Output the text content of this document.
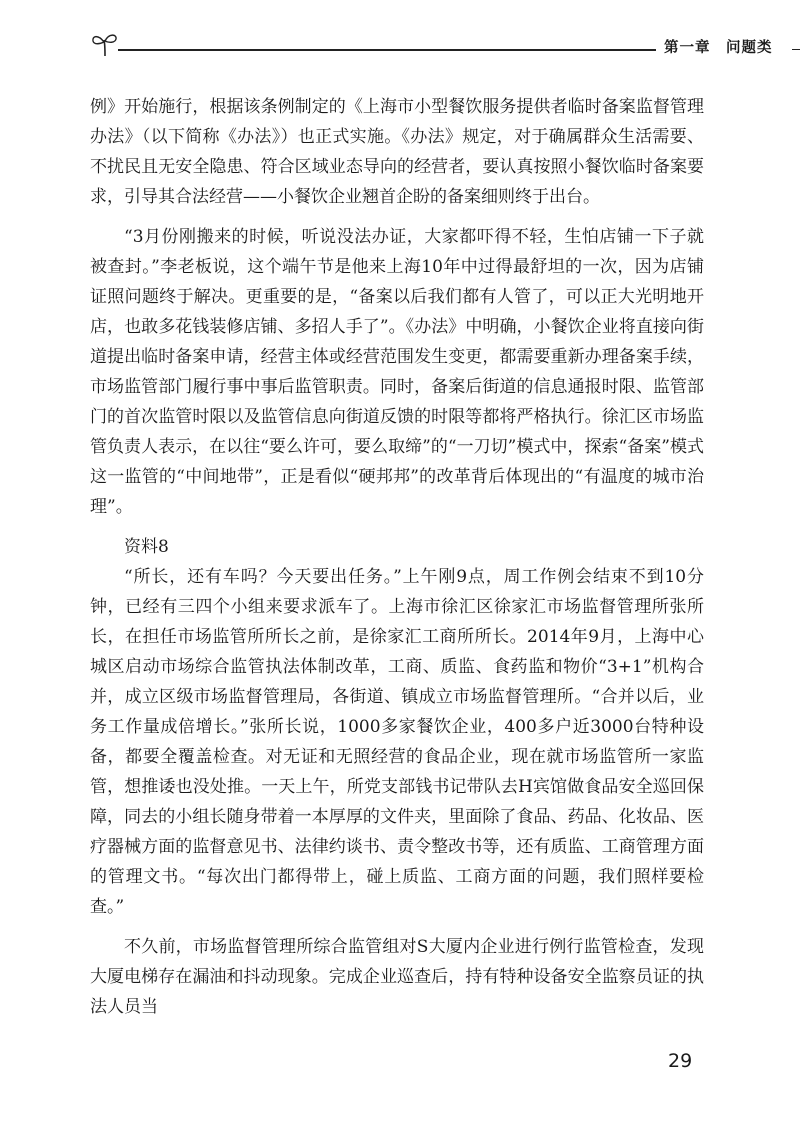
第一章　问题类

例》开始施行，根据该条例制定的《上海市小型餐饮服务提供者临时备案监督管理办法》（以下简称《办法》）也正式实施。《办法》规定，对于确属群众生活需要、不扰民且无安全隐患、符合区域业态导向的经营者，要认真按照小餐饮临时备案要求，引导其合法经营——小餐饮企业翘首企盼的备案细则终于出台。

“3月份刚搬来的时候，听说没法办证，大家都吓得不轻，生怕店铺一下子就被查封。”李老板说，这个端午节是他来上海10年中过得最舒坦的一次，因为店铺证照问题终于解决。更重要的是，“备案以后我们都有人管了，可以正大光明地开店，也敢多花钱装修店铺、多招人手了”。《办法》中明确，小餐饮企业将直接向街道提出临时备案申请，经营主体或经营范围发生变更，都需要重新办理备案手续，市场监管部门履行事中事后监管职责。同时，备案后街道的信息通报时限、监管部门的首次监管时限以及监管信息向街道反馈的时限等都将严格执行。徐汇区市场监管负责人表示，在以往“要么许可，要么取缔”的“一刀切”模式中，探索“备案”模式这一监管的“中间地带”，正是看似“硬邦邦”的改革背后体现出的“有温度的城市治理”。

资料8

“所长，还有车吗？今天要出任务。”上午刚9点，周工作例会结束不到10分钟，已经有三四个小组来要求派车了。上海市徐汇区徐家汇市场监督管理所张所长，在担任市场监管所所长之前，是徐家汇工商所所长。2014年9月，上海中心城区启动市场综合监管执法体制改革，工商、质监、食药监和物价“3+1”机构合并，成立区级市场监督管理局，各街道、镇成立市场监督管理所。“合并以后，业务工作量成倍增长。”张所长说，1000多家餐饮企业，400多户近3000台特种设备，都要全覆盖检查。对无证和无照经营的食品企业，现在就市场监管所一家监管，想推诿也没处推。一天上午，所党支部钱书记带队去H宾馆做食品安全巡回保障，同去的小组长随身带着一本厚厚的文件夹，里面除了食品、药品、化妆品、医疗器械方面的监督意见书、法律约谈书、责令整改书等，还有质监、工商管理方面的管理文书。“每次出门都得带上，碰上质监、工商方面的问题，我们照样要检查。”

不久前，市场监督管理所综合监管组对S大厦内企业进行例行监管检查，发现大厦电梯存在漏油和抖动现象。完成企业巡查后，持有特种设备安全监察员证的执法人员当

29
